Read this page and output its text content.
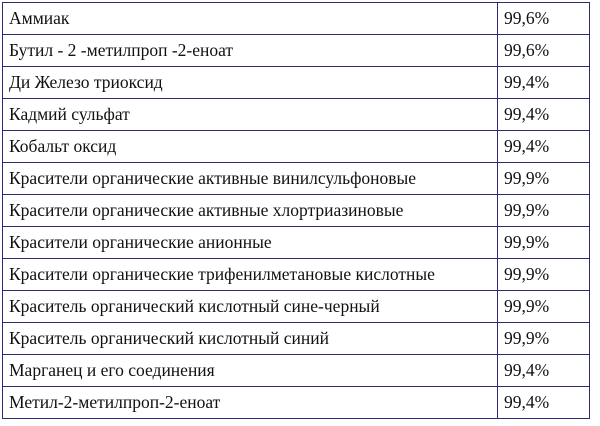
Аммиак	99,6%
Бутил - 2 -метилпроп -2-еноат	99,6%
Ди Железо триоксид	99,4%
Кадмий сульфат	99,4%
Кобальт оксид	99,4%
Красители органические активные винилсульфоновые	99,9%
Красители органические активные хлортриазиновые	99,9%
Красители органические анионные	99,9%
Красители органические трифенилметановые кислотные	99,9%
Краситель органический кислотный сине-черный	99,9%
Краситель органический кислотный синий	99,9%
Марганец и его соединения	99,4%
Метил-2-метилпроп-2-еноат	99,4%
